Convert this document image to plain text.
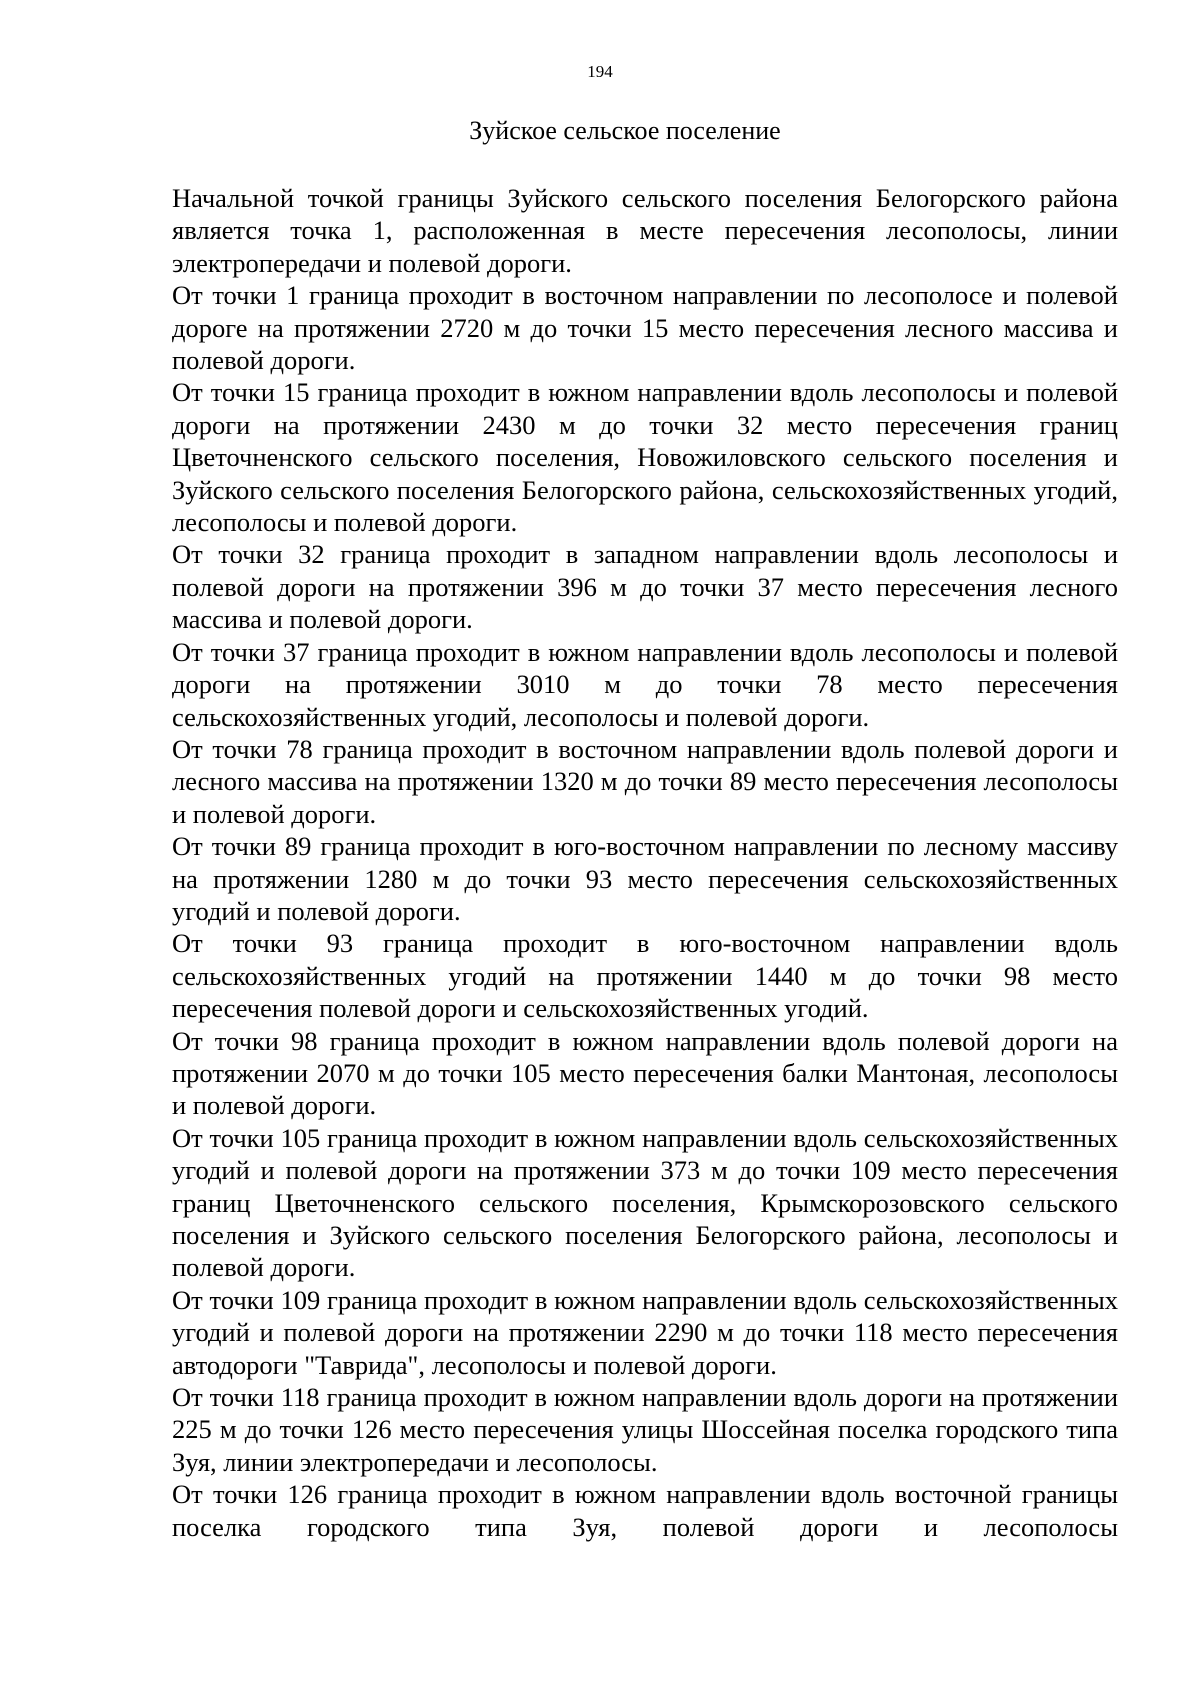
194
Зуйское сельское поселение

Начальной точкой границы Зуйского сельского поселения Белогорского района является точка 1, расположенная в месте пересечения лесополосы, линии электропередачи и полевой дороги.

От точки 1 граница проходит в восточном направлении по лесополосе и полевой дороге на протяжении 2720 м до точки 15 место пересечения лесного массива и полевой дороги.

От точки 15 граница проходит в южном направлении вдоль лесополосы и полевой дороги на протяжении 2430 м до точки 32 место пересечения границ Цветочненского сельского поселения, Новожиловского сельского поселения и Зуйского сельского поселения Белогорского района, сельскохозяйственных угодий, лесополосы и полевой дороги.

От точки 32 граница проходит в западном направлении вдоль лесополосы и полевой дороги на протяжении 396 м до точки 37 место пересечения лесного массива и полевой дороги.

От точки 37 граница проходит в южном направлении вдоль лесополосы и полевой дороги на протяжении 3010 м до точки 78 место пересечения сельскохозяйственных угодий, лесополосы и полевой дороги.

От точки 78 граница проходит в восточном направлении вдоль полевой дороги и лесного массива на протяжении 1320 м до точки 89 место пересечения лесополосы и полевой дороги.

От точки 89 граница проходит в юго-восточном направлении по лесному массиву на протяжении 1280 м до точки 93 место пересечения сельскохозяйственных угодий и полевой дороги.

От точки 93 граница проходит в юго-восточном направлении вдоль сельскохозяйственных угодий на протяжении 1440 м до точки 98 место пересечения полевой дороги и сельскохозяйственных угодий.

От точки 98 граница проходит в южном направлении вдоль полевой дороги на протяжении 2070 м до точки 105 место пересечения балки Мантоная, лесополосы и полевой дороги.

От точки 105 граница проходит в южном направлении вдоль сельскохозяйственных угодий и полевой дороги на протяжении 373 м до точки 109 место пересечения границ Цветочненского сельского поселения, Крымскорозовского сельского поселения и Зуйского сельского поселения Белогорского района, лесополосы и полевой дороги.

От точки 109 граница проходит в южном направлении вдоль сельскохозяйственных угодий и полевой дороги на протяжении 2290 м до точки 118 место пересечения автодороги "Таврида", лесополосы и полевой дороги.

От точки 118 граница проходит в южном направлении вдоль дороги на протяжении 225 м до точки 126 место пересечения улицы Шоссейная поселка городского типа Зуя, линии электропередачи и лесополосы.

От точки 126 граница проходит в южном направлении вдоль восточной границы поселка городского типа Зуя, полевой дороги и лесополосы
